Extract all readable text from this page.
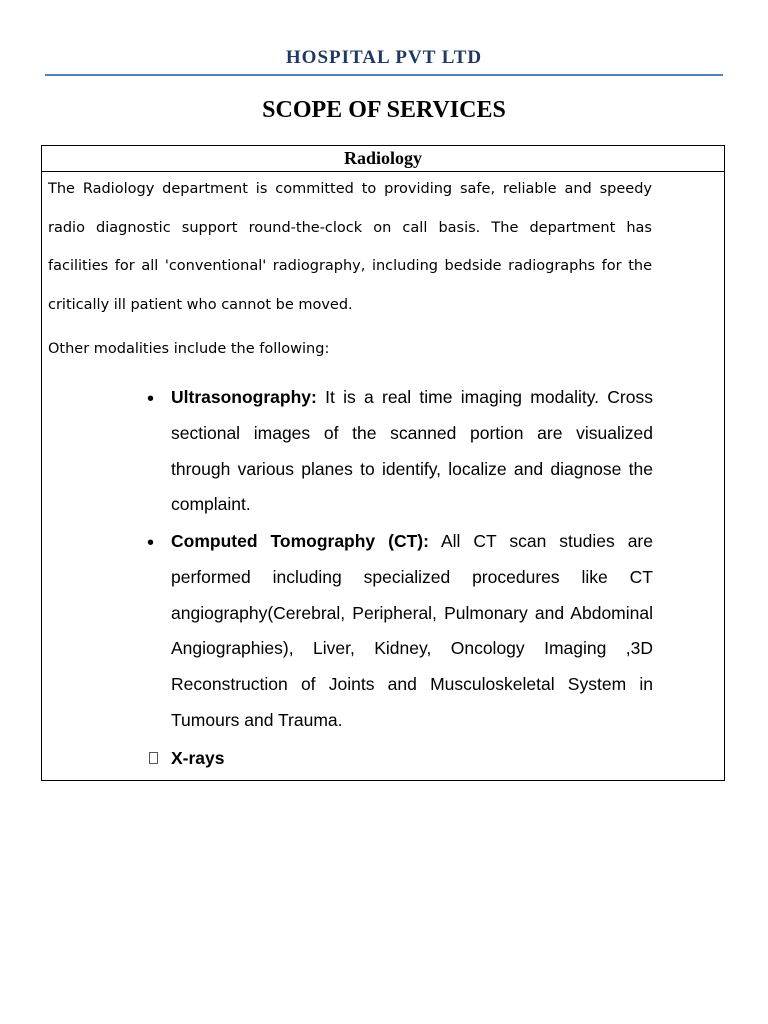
HOSPITAL PVT LTD
SCOPE OF SERVICES
Radiology

The Radiology department is committed to providing safe, reliable and speedy radio diagnostic support round-the-clock on call basis. The department has facilities for all 'conventional' radiography, including bedside radiographs for the critically ill patient who cannot be moved.

Other modalities include the following:

• Ultrasonography: It is a real time imaging modality. Cross sectional images of the scanned portion are visualized through various planes to identify, localize and diagnose the complaint.

• Computed Tomography (CT): All CT scan studies are performed including specialized procedures like CT angiography(Cerebral, Peripheral, Pulmonary and Abdominal Angiographies), Liver, Kidney, Oncology Imaging ,3D Reconstruction of Joints and Musculoskeletal System in Tumours and Trauma.

X-rays
